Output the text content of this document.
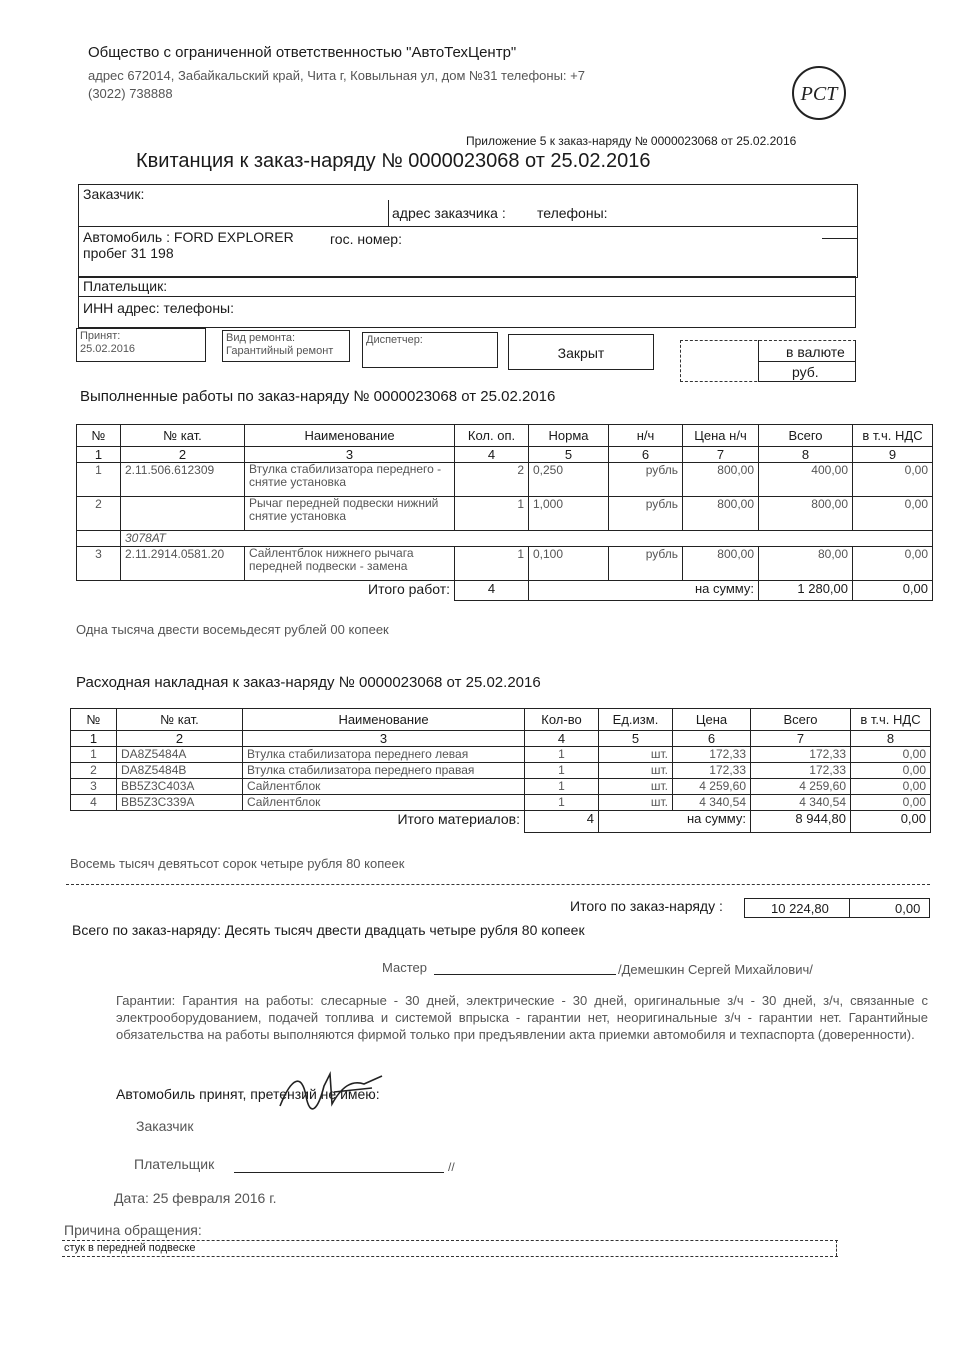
Общество с ограниченной ответственностью "АвтоТехЦентр"
адрес 672014, Забайкальский край, Чита г, Ковыльная ул, дом №31 телефоны: +7
(3022) 738888	РСТ
Приложение 5 к заказ-наряду № 0000023068 от 25.02.2016
Квитанция к заказ-наряду № 0000023068 от 25.02.2016
Заказчик:
адрес заказчика : телефоны:
Автомобиль : FORD EXPLORER	гос. номер:
пробег 31 198
Плательщик:
ИНН адрес: телефоны:
Принят:
25.02.2016
Вид ремонта:
Гарантийный ремонт
Диспетчер:
Закрыт	в валюте
руб.
Выполненные работы по заказ-наряду № 0000023068 от 25.02.2016
№	№ кат.	Наименование	Кол. оп.	Норма	н/ч	Цена н/ч	Всего	в т.ч. НДС
1	2	3	4	5	6	7	8	9
1	2.11.506.612309	Втулка стабилизатора переднего - снятие установка	2	0,250	рубль	800,00	400,00	0,00
2		Рычаг передней подвески нижний снятие установка	1	1,000	рубль	800,00	800,00	0,00
	3078АТ							
3	2.11.2914.0581.20	Сайлентблок нижнего рычага передней подвески - замена	1	0,100	рубль	800,00	80,00	0,00
Итого работ:			4	на сумму:			1 280,00	0,00
Одна тысяча двести восемьдесят рублей 00 копеек
Расходная накладная к заказ-наряду № 0000023068 от 25.02.2016
№	№ кат.	Наименование	Кол-во	Ед.изм.	Цена	Всего	в т.ч. НДС
1	2	3	4	5	6	7	8
1	DA8Z5484A	Втулка стабилизатора переднего левая	1	шт.	172,33	172,33	0,00
2	DA8Z5484B	Втулка стабилизатора переднего правая	1	шт.	172,33	172,33	0,00
3	BB5Z3C403A	Сайлентблок	1	шт.	4 259,60	4 259,60	0,00
4	BB5Z3C339A	Сайлентблок	1	шт.	4 340,54	4 340,54	0,00
Итого материалов:			4	на сумму:		8 944,80	0,00
Восемь тысяч девятьсот сорок четыре рубля 80 копеек
Итого по заказ-наряду :	10 224,80	0,00
Всего по заказ-наряду: Десять тысяч двести двадцать четыре рубля 80 копеек
Мастер	/Демешкин Сергей Михайлович/
Гарантии: Гарантия на работы: слесарные - 30 дней, электрические - 30 дней, оригинальные з/ч - 30 дней, з/ч, связанные с электрооборудованием, подачей топлива и системой впрыска - гарантии нет, неоригинальные з/ч - гарантии нет. Гарантийные обязательства на работы выполняются фирмой только при предъявлении акта приемки автомобиля и техпаспорта (доверенности).
Автомобиль принят, претензий не имею:
Заказчик
Плательщик	//
Дата: 25 февраля 2016 г.
Причина обращения:
стук в передней подвеске
